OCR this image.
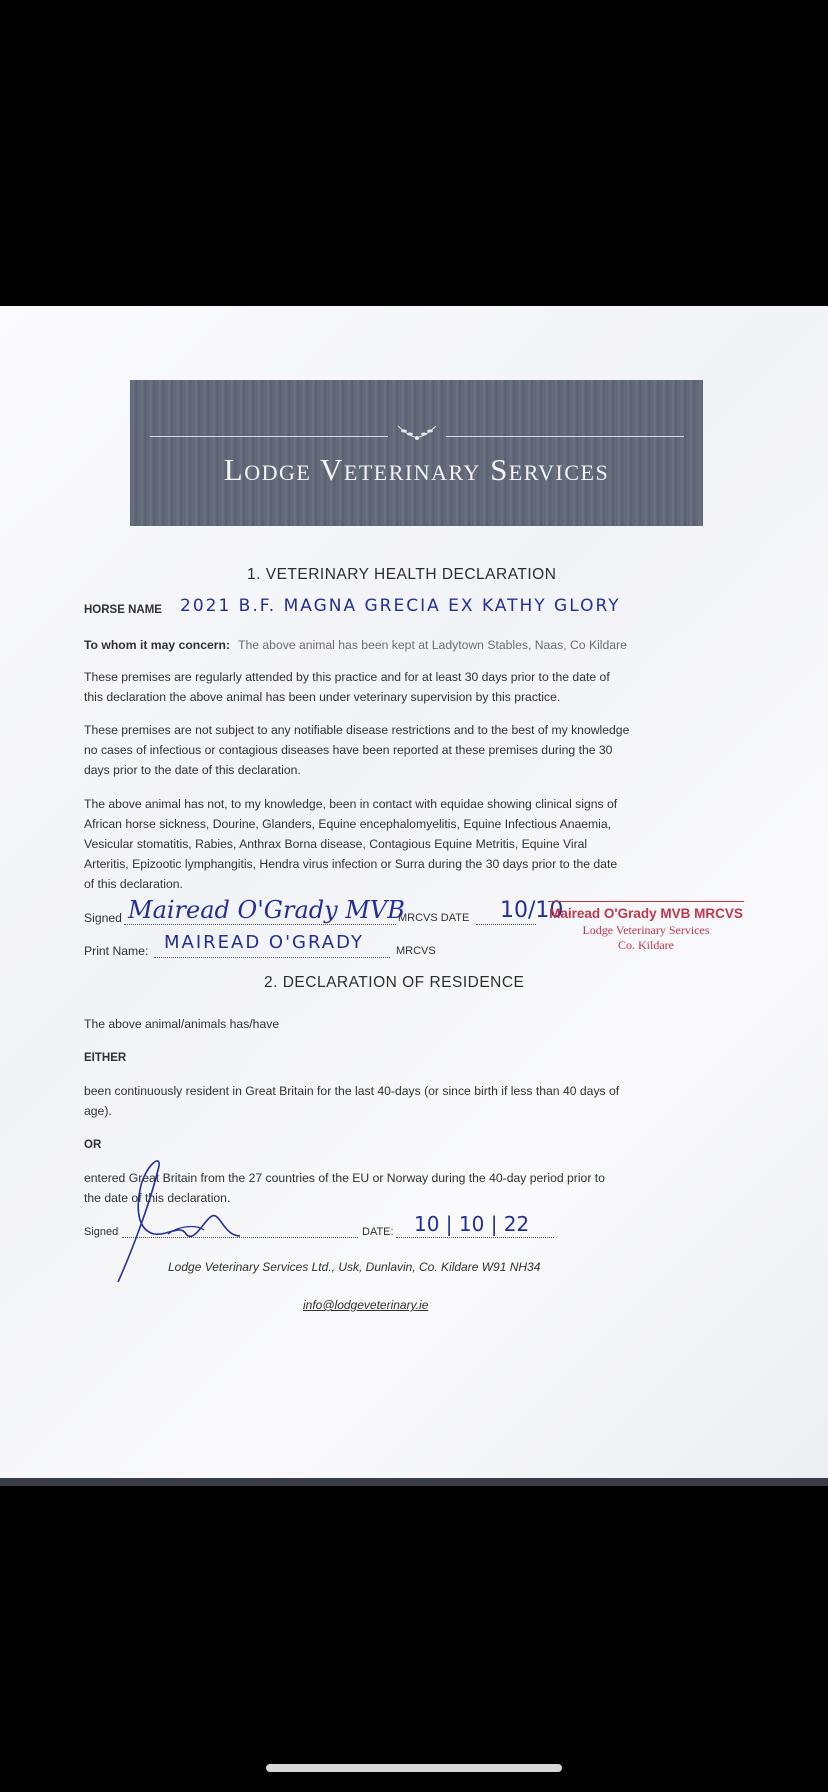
Lodge Veterinary Services
1. VETERINARY HEALTH DECLARATION
HORSE NAME 2021 B.F. MAGNA GRECIA EX KATHY GLORY
To whom it may concern: The above animal has been kept at Ladytown Stables, Naas, Co Kildare
These premises are regularly attended by this practice and for at least 30 days prior to the date of
this declaration the above animal has been under veterinary supervision by this practice.
These premises are not subject to any notifiable disease restrictions and to the best of my knowledge
no cases of infectious or contagious diseases have been reported at these premises during the 30
days prior to the date of this declaration.
The above animal has not, to my knowledge, been in contact with equidae showing clinical signs of
African horse sickness, Dourine, Glanders, Equine encephalomyelitis, Equine Infectious Anaemia,
Vesicular stomatitis, Rabies, Anthrax Borna disease, Contagious Equine Metritis, Equine Viral
Arteritis, Epizootic lymphangitis, Hendra virus infection or Surra during the 30 days prior to the date
of this declaration.
Signed Mairead O'Grady MVB
MRCVS DATE 10/10
Mairead O'Grady MVB MRCVS
Lodge Veterinary Services
Co. Kildare
Print Name: MAIREAD O'GRADY	MRCVS
2. DECLARATION OF RESIDENCE
The above animal/animals has/have
EITHER
been continuously resident in Great Britain for the last 40-days (or since birth if less than 40 days of
age).
OR
entered Great Britain from the 27 countries of the EU or Norway during the 40-day period prior to
the date of this declaration.
Signed	DATE: 10 | 10 | 22
Lodge Veterinary Services Ltd., Usk, Dunlavin, Co. Kildare W91 NH34
info@lodgeveterinary.ie
